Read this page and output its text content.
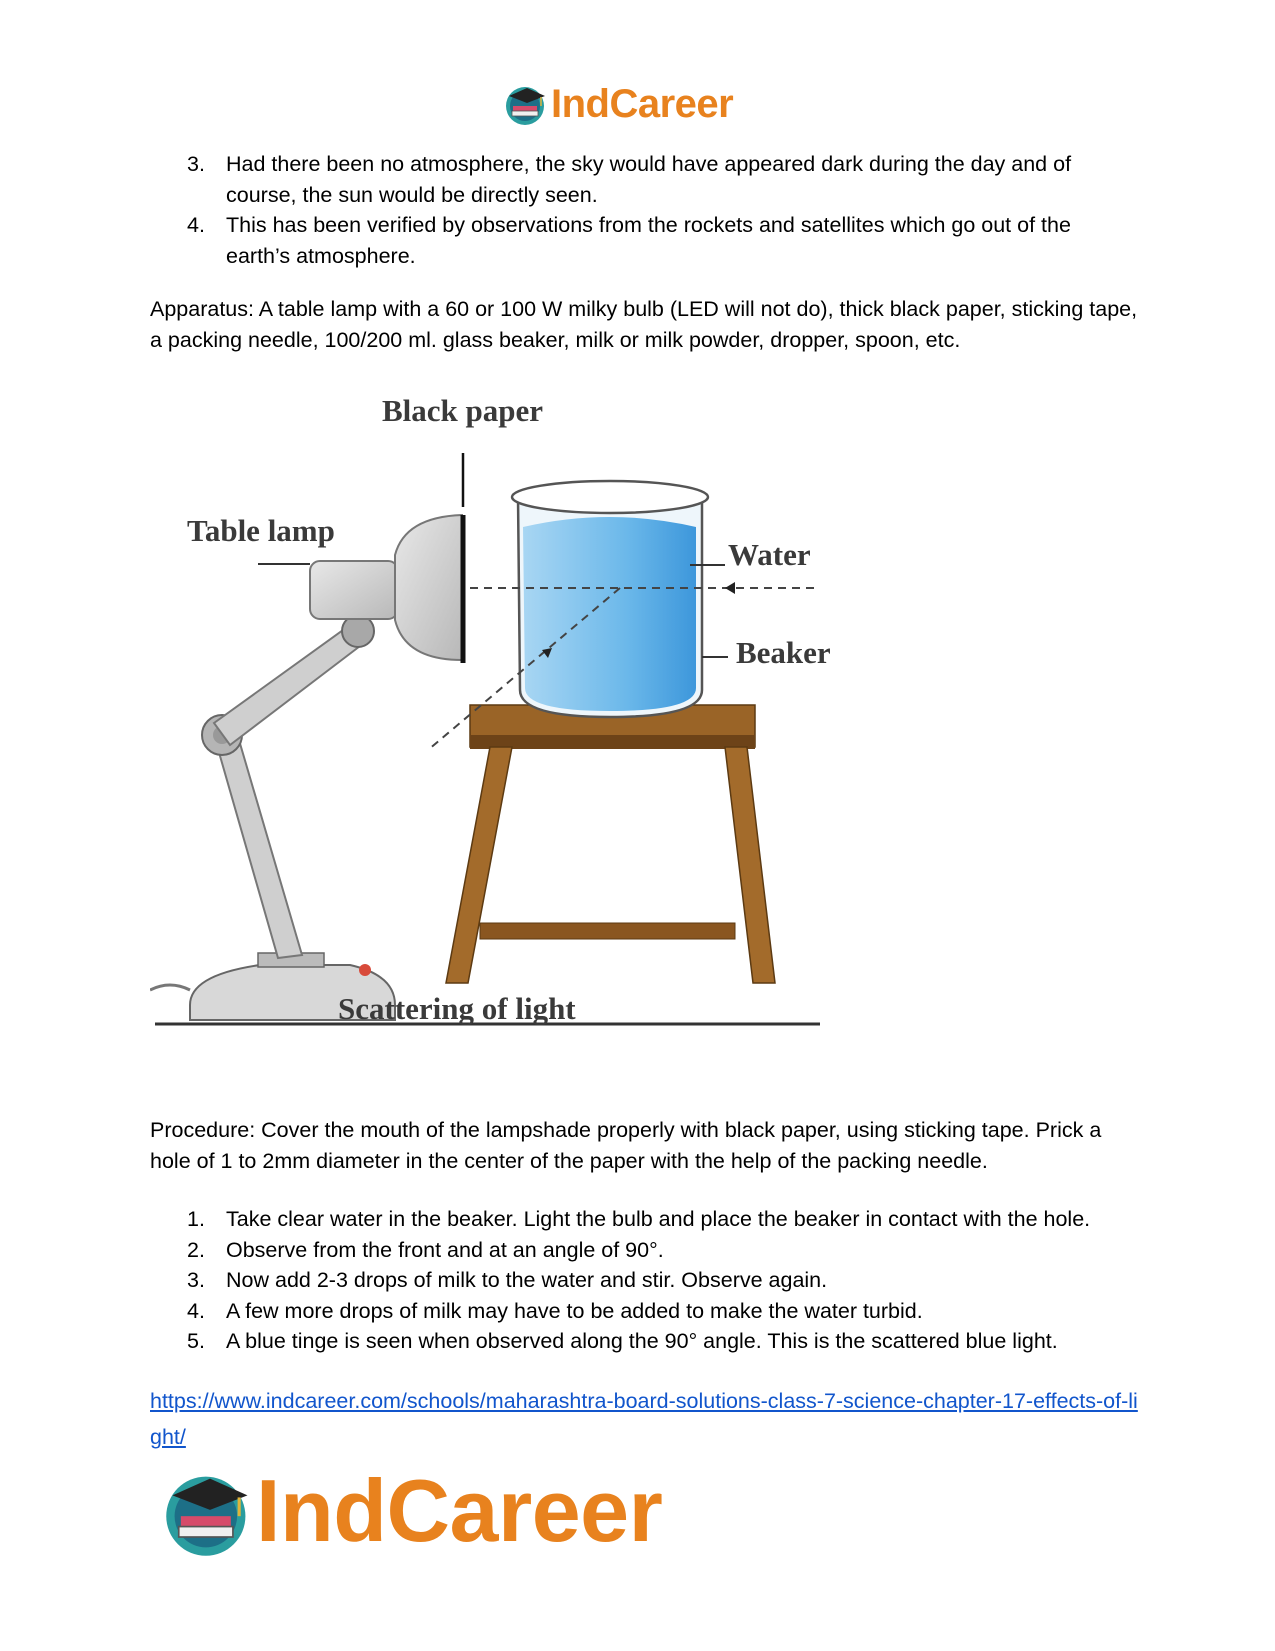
IndCareer
3. Had there been no atmosphere, the sky would have appeared dark during the day and of course, the sun would be directly seen.
4. This has been verified by observations from the rockets and satellites which go out of the earth’s atmosphere.

Apparatus: A table lamp with a 60 or 100 W milky bulb (LED will not do), thick black paper, sticking tape, a packing needle, 100/200 ml. glass beaker, milk or milk powder, dropper, spoon, etc.

Black paper
Table lamp
Water
Beaker
Scattering of light

Procedure: Cover the mouth of the lampshade properly with black paper, using sticking tape. Prick a hole of 1 to 2mm diameter in the center of the paper with the help of the packing needle.

1. Take clear water in the beaker. Light the bulb and place the beaker in contact with the hole.
2. Observe from the front and at an angle of 90°.
3. Now add 2-3 drops of milk to the water and stir. Observe again.
4. A few more drops of milk may have to be added to make the water turbid.
5. A blue tinge is seen when observed along the 90° angle. This is the scattered blue light.
https://www.indcareer.com/schools/maharashtra-board-solutions-class-7-science-chapter-17-effects-of-light/
IndCareer
